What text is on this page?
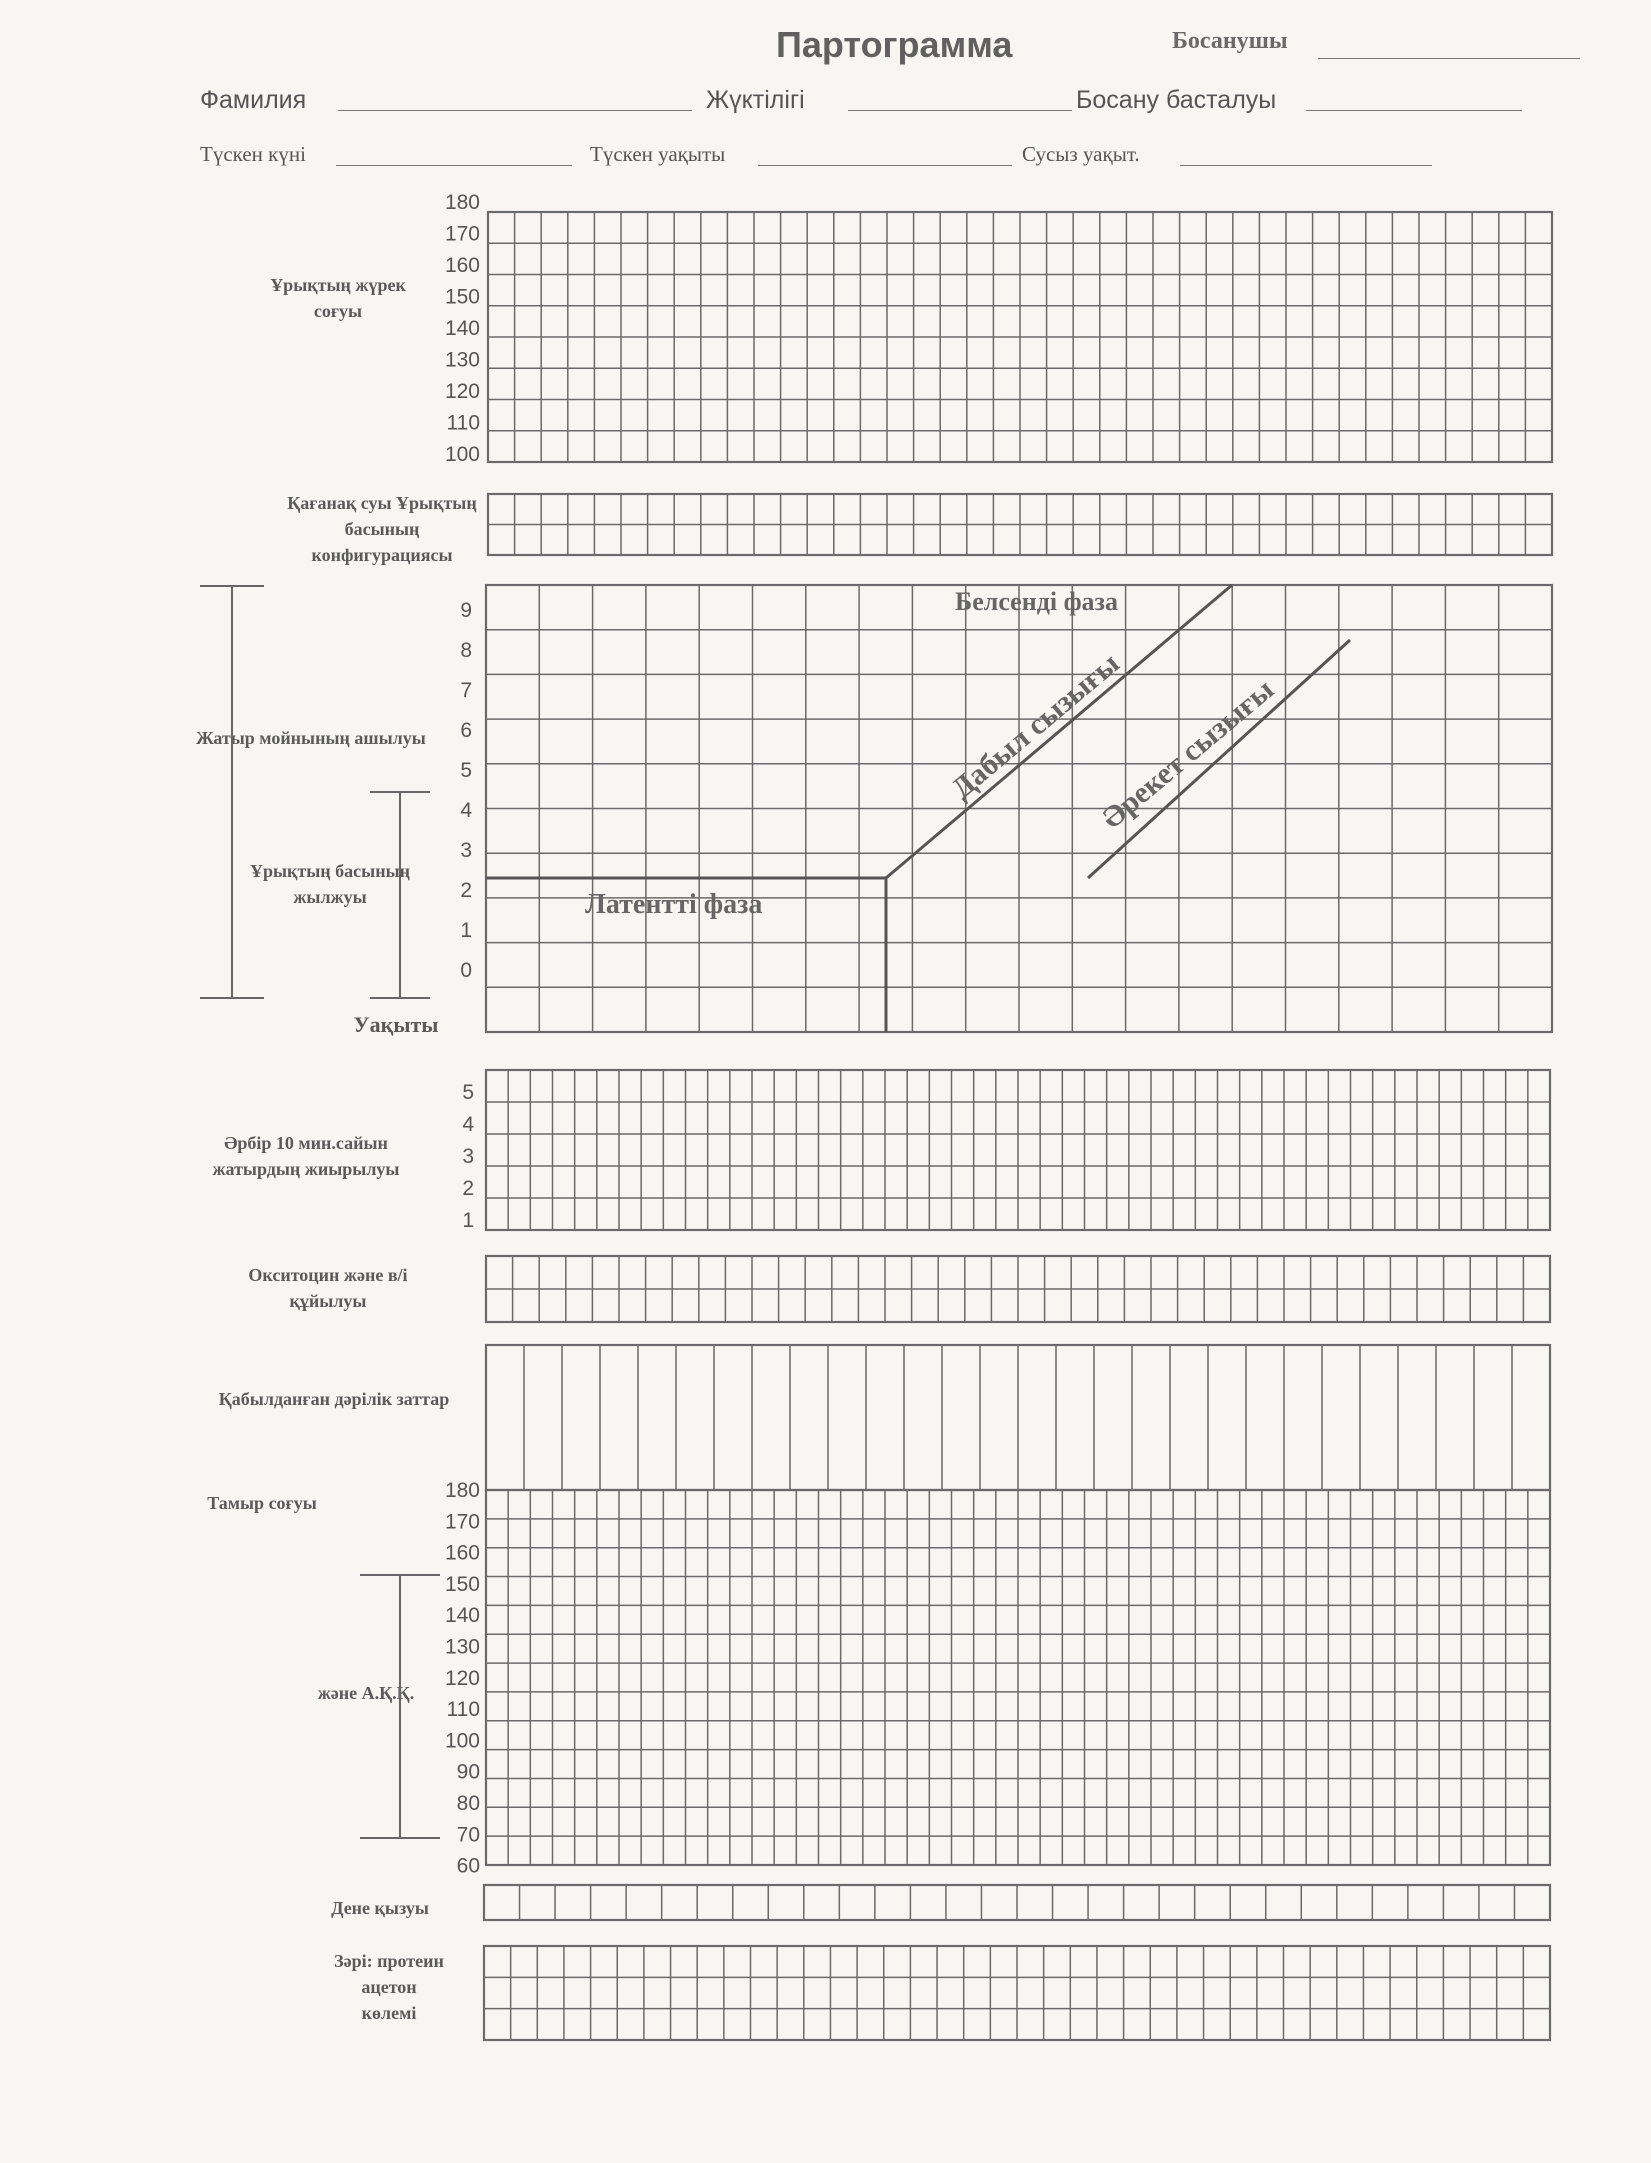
Партограмма	Босанушы
Фамилия	Жүктілігі	Босану басталуы
Түскен күні	Түскен уақыты	Сусыз уақыт.
Ұрықтың жүрек соғуы
Қағанақ суы Ұрықтың басының конфигурациясы
Жатыр мойнының ашылуы
Ұрықтың басының жылжуы
Уақыты
Әрбір 10 мин.сайын жатырдың жиырылуы
Окситоцин және в/і құйылуы
Қабылданған дәрілік заттар
Тамыр соғуы
және А.Қ.Қ.
Дене қызуы
Зәрі: протеин ацетон көлемі
180
170
160
150
140
130
120
110
100
9
8
7
6
5
4
3
2
1
0
5
4
3
2
1
180
170
160
150
140
130
120
110
100
90
80
70
60
Белсенді фаза
Латентті фаза
Дабыл сызығы
Әрекет сызығы
